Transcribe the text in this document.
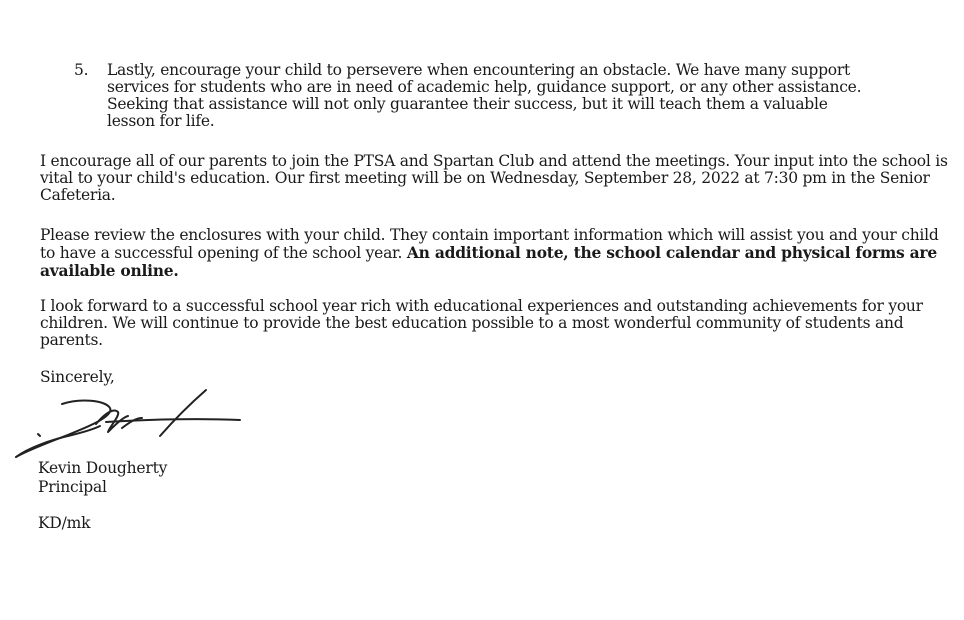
5.	Lastly, encourage your child to persevere when encountering an obstacle. We have many support services for students who are in need of academic help, guidance support, or any other assistance. Seeking that assistance will not only guarantee their success, but it will teach them a valuable lesson for life.
I encourage all of our parents to join the PTSA and Spartan Club and attend the meetings. Your input into the school is vital to your child's education. Our first meeting will be on Wednesday, September 28, 2022 at 7:30 pm in the Senior Cafeteria.
Please review the enclosures with your child. They contain important information which will assist you and your child to have a successful opening of the school year. An additional note, the school calendar and physical forms are available online.
I look forward to a successful school year rich with educational experiences and outstanding achievements for your children. We will continue to provide the best education possible to a most wonderful community of students and parents.
Sincerely,
Kevin Dougherty
Principal
KD/mk
